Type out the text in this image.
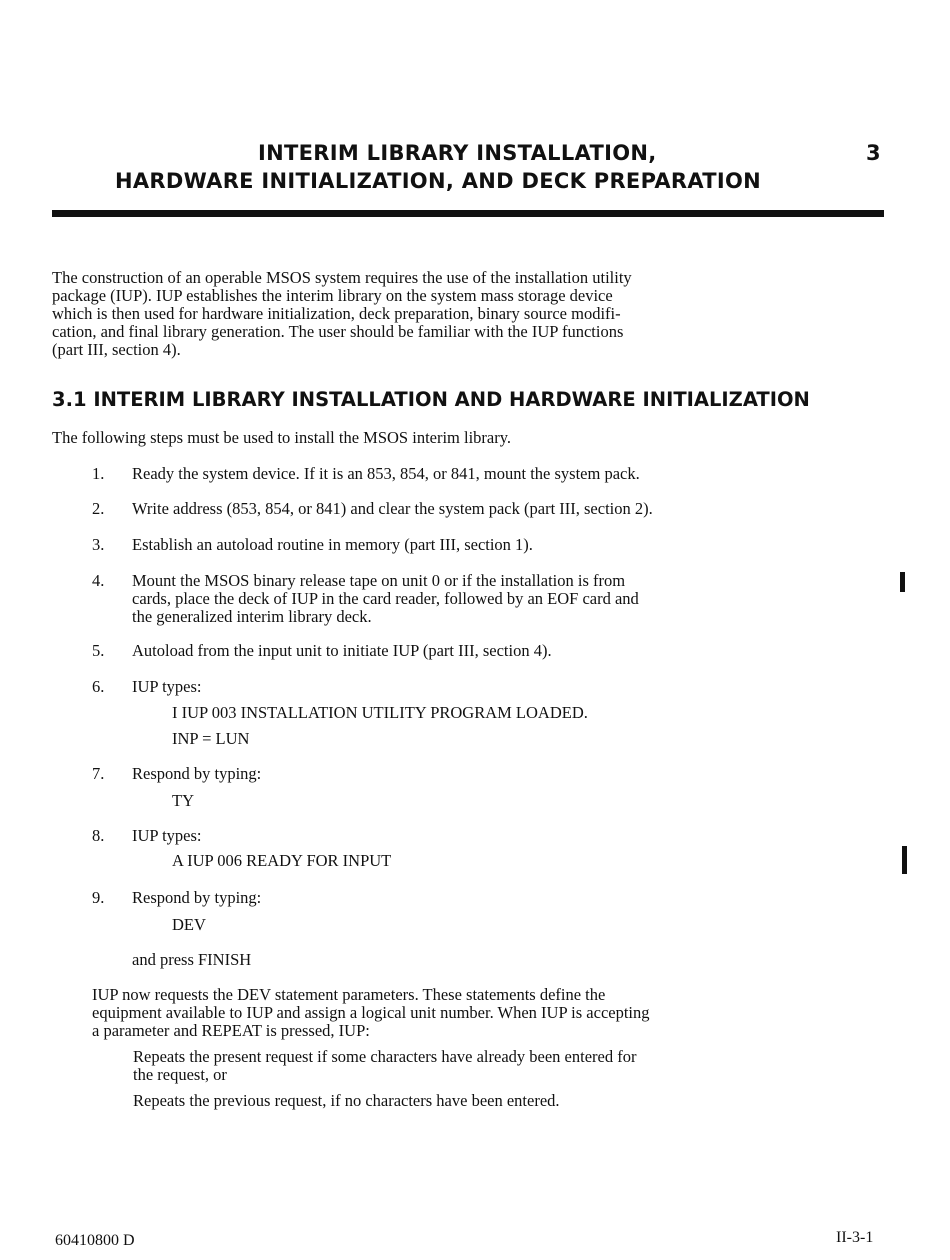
INTERIM LIBRARY INSTALLATION,	3
HARDWARE INITIALIZATION, AND DECK PREPARATION
The construction of an operable MSOS system requires the use of the installation utility
package (IUP). IUP establishes the interim library on the system mass storage device
which is then used for hardware initialization, deck preparation, binary source modifi-
cation, and final library generation. The user should be familiar with the IUP functions
(part III, section 4).
3.1 INTERIM LIBRARY INSTALLATION AND HARDWARE INITIALIZATION
The following steps must be used to install the MSOS interim library.
1.	Ready the system device. If it is an 853, 854, or 841, mount the system pack.
2.	Write address (853, 854, or 841) and clear the system pack (part III, section 2).
3.	Establish an autoload routine in memory (part III, section 1).
4.	Mount the MSOS binary release tape on unit 0 or if the installation is from
cards, place the deck of IUP in the card reader, followed by an EOF card and
the generalized interim library deck.
5.	Autoload from the input unit to initiate IUP (part III, section 4).
6.	IUP types:
I IUP 003 INSTALLATION UTILITY PROGRAM LOADED.
INP = LUN
7.	Respond by typing:
TY
8.	IUP types:
A IUP 006 READY FOR INPUT
9.	Respond by typing:
DEV
and press FINISH
IUP now requests the DEV statement parameters. These statements define the
equipment available to IUP and assign a logical unit number. When IUP is accepting
a parameter and REPEAT is pressed, IUP:
Repeats the present request if some characters have already been entered for
the request, or
Repeats the previous request, if no characters have been entered.
60410800 D	II-3-1
